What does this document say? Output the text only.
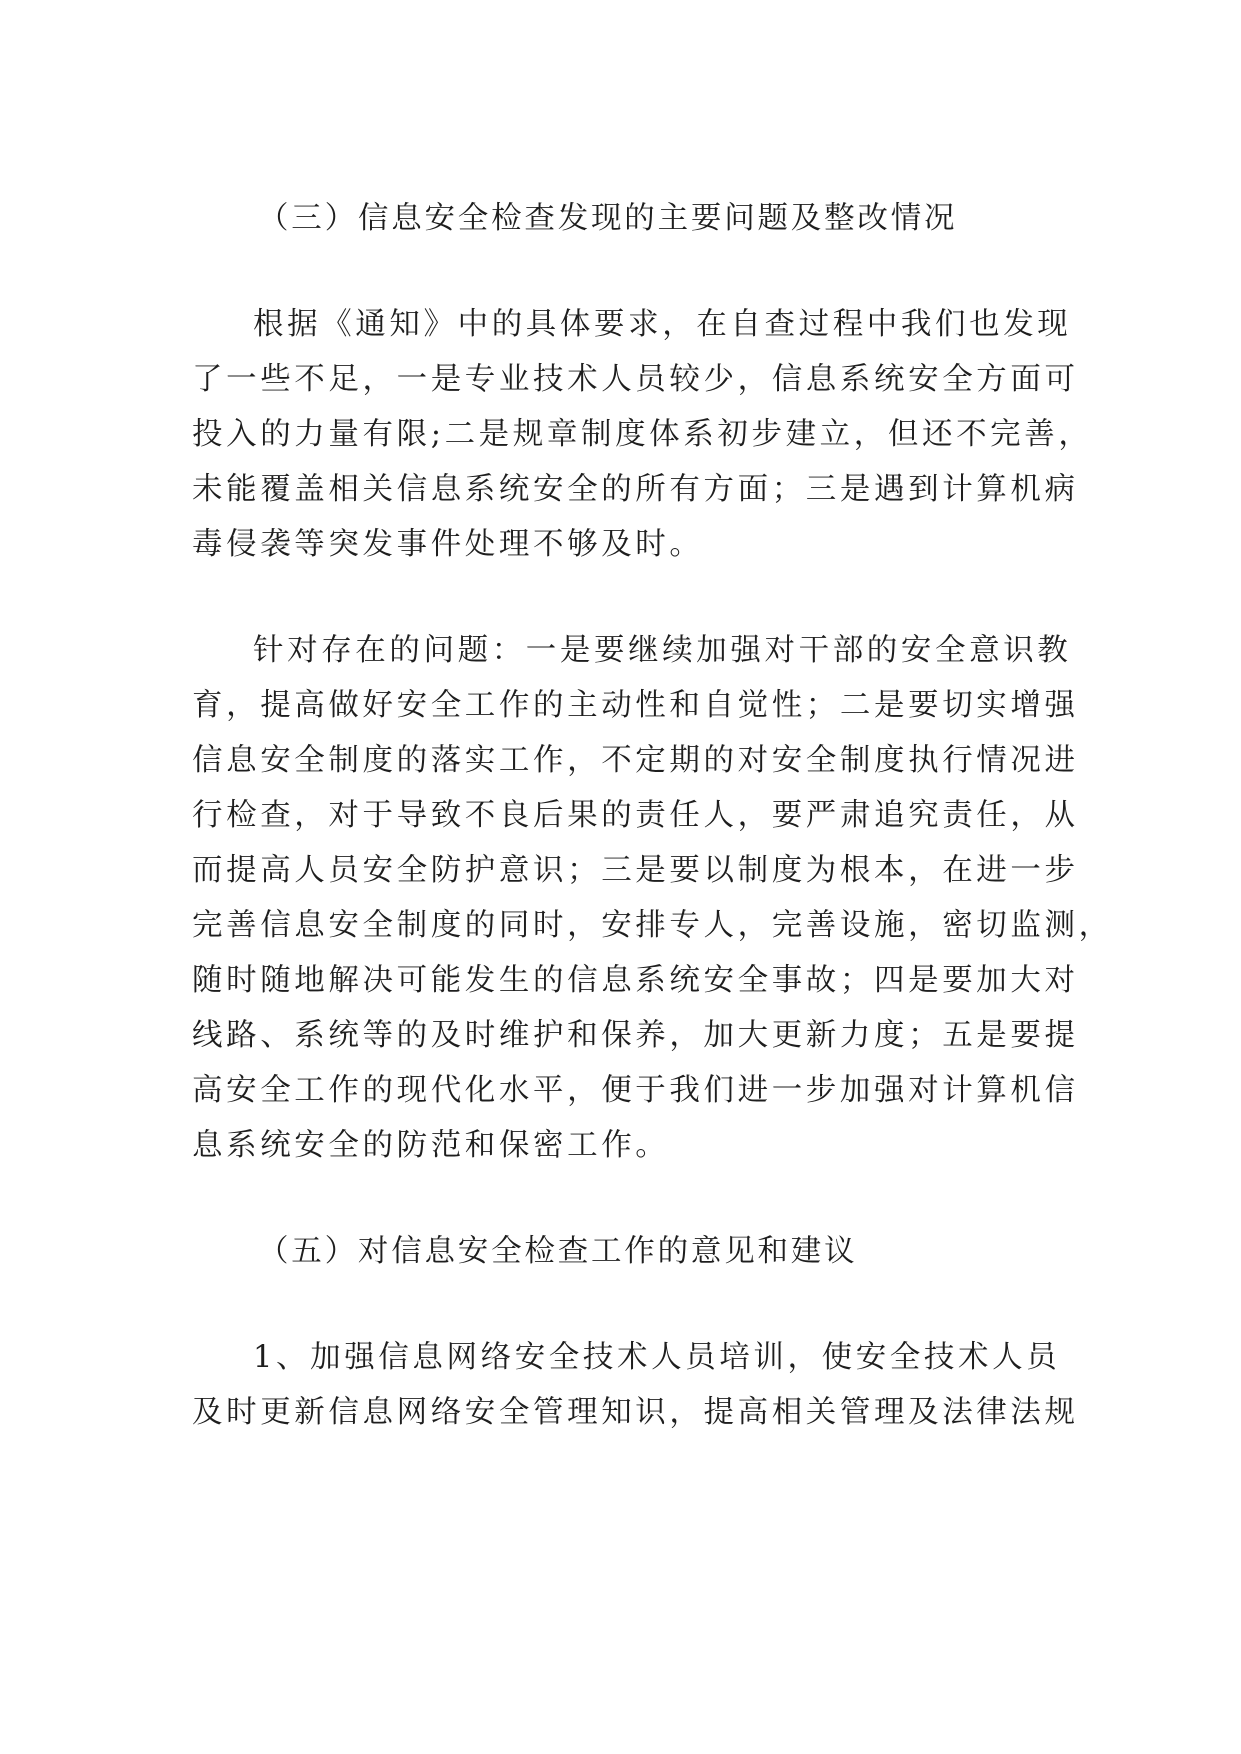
（三）信息安全检查发现的主要问题及整改情况

根据《通知》中的具体要求，在自查过程中我们也发现

了一些不足，一是专业技术人员较少，信息系统安全方面可

投入的力量有限;二是规章制度体系初步建立，但还不完善，

未能覆盖相关信息系统安全的所有方面；三是遇到计算机病

毒侵袭等突发事件处理不够及时。

针对存在的问题：一是要继续加强对干部的安全意识教

育，提高做好安全工作的主动性和自觉性；二是要切实增强

信息安全制度的落实工作，不定期的对安全制度执行情况进

行检查，对于导致不良后果的责任人，要严肃追究责任，从

而提高人员安全防护意识；三是要以制度为根本，在进一步

完善信息安全制度的同时，安排专人，完善设施，密切监测，

随时随地解决可能发生的信息系统安全事故；四是要加大对

线路、系统等的及时维护和保养，加大更新力度；五是要提

高安全工作的现代化水平，便于我们进一步加强对计算机信

息系统安全的防范和保密工作。

（五）对信息安全检查工作的意见和建议

1、加强信息网络安全技术人员培训，使安全技术人员

及时更新信息网络安全管理知识，提高相关管理及法律法规
